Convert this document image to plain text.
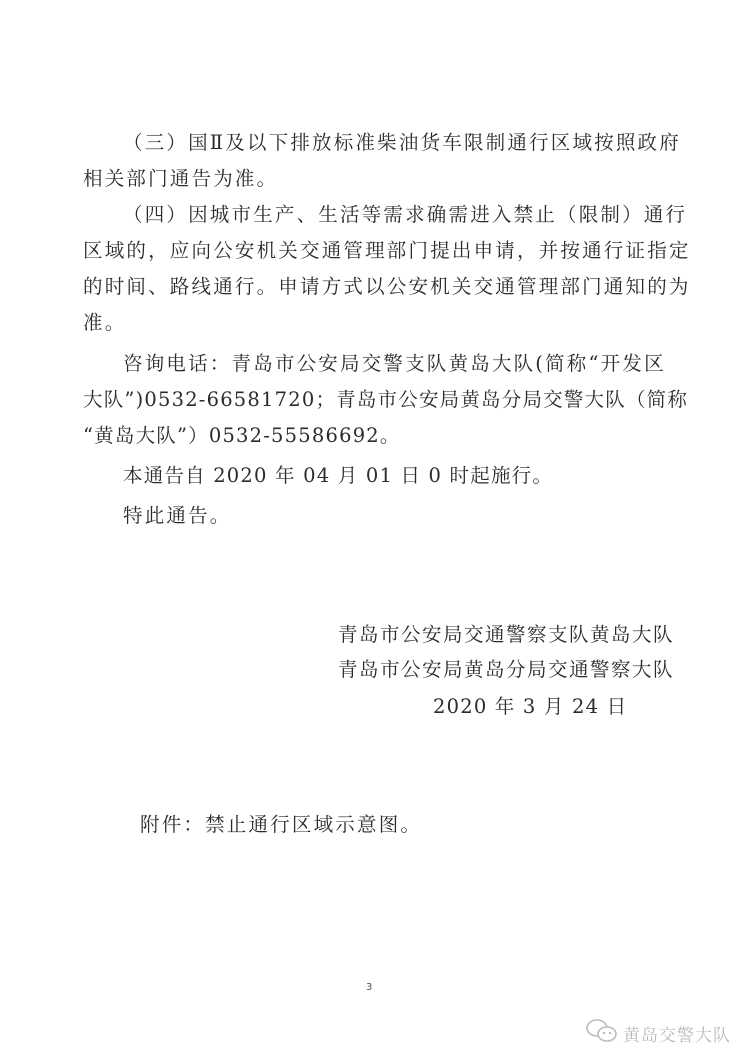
（三）国Ⅱ及以下排放标准柴油货车限制通行区域按照政府
相关部门通告为准。
（四）因城市生产、生活等需求确需进入禁止（限制）通行
区域的，应向公安机关交通管理部门提出申请，并按通行证指定
的时间、路线通行。申请方式以公安机关交通管理部门通知的为
准。
咨询电话：青岛市公安局交警支队黄岛大队(简称“开发区
大队”)0532-66581720；青岛市公安局黄岛分局交警大队（简称
“黄岛大队”）0532-55586692。
本通告自 2020 年 04 月 01 日 0 时起施行。
特此通告。
青岛市公安局交通警察支队黄岛大队
青岛市公安局黄岛分局交通警察大队
2020 年 3 月 24 日
附件：禁止通行区域示意图。
3
黄岛交警大队
